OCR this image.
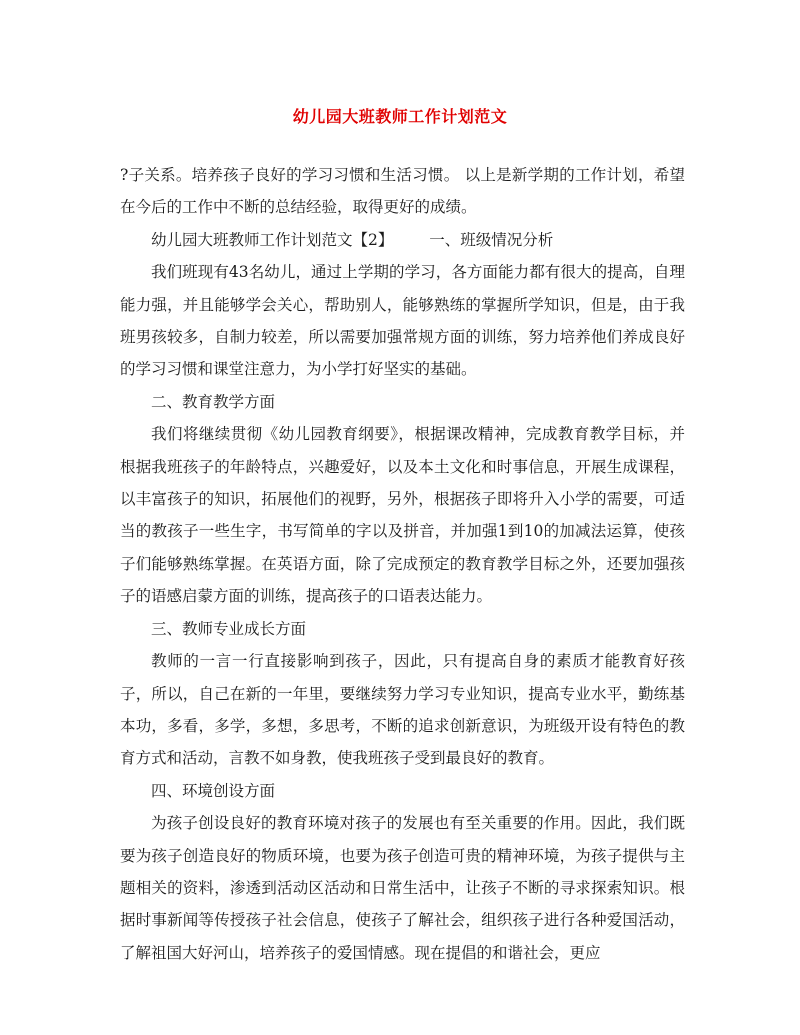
幼儿园大班教师工作计划范文

?子关系。培养孩子良好的学习习惯和生活习惯。 以上是新学期的工作计划，希望在今后的工作中不断的总结经验，取得更好的成绩。

幼儿园大班教师工作计划范文【2】 　　一、班级情况分析

我们班现有43名幼儿，通过上学期的学习，各方面能力都有很大的提高，自理能力强，并且能够学会关心，帮助别人，能够熟练的掌握所学知识，但是，由于我班男孩较多，自制力较差，所以需要加强常规方面的训练，努力培养他们养成良好的学习习惯和课堂注意力，为小学打好坚实的基础。

二、教育教学方面

我们将继续贯彻《幼儿园教育纲要》，根据课改精神，完成教育教学目标，并根据我班孩子的年龄特点，兴趣爱好，以及本土文化和时事信息，开展生成课程，以丰富孩子的知识，拓展他们的视野，另外，根据孩子即将升入小学的需要，可适当的教孩子一些生字，书写简单的字以及拼音，并加强1到10的加减法运算，使孩子们能够熟练掌握。在英语方面，除了完成预定的教育教学目标之外，还要加强孩子的语感启蒙方面的训练，提高孩子的口语表达能力。

三、教师专业成长方面

教师的一言一行直接影响到孩子，因此，只有提高自身的素质才能教育好孩子，所以，自己在新的一年里，要继续努力学习专业知识，提高专业水平，勤练基本功，多看，多学，多想，多思考，不断的追求创新意识，为班级开设有特色的教育方式和活动，言教不如身教，使我班孩子受到最良好的教育。

四、环境创设方面

为孩子创设良好的教育环境对孩子的发展也有至关重要的作用。因此，我们既要为孩子创造良好的物质环境，也要为孩子创造可贵的精神环境，为孩子提供与主题相关的资料，渗透到活动区活动和日常生活中，让孩子不断的寻求探索知识。根据时事新闻等传授孩子社会信息，使孩子了解社会，组织孩子进行各种爱国活动，了解祖国大好河山，培养孩子的爱国情感。现在提倡的和谐社会，更应
